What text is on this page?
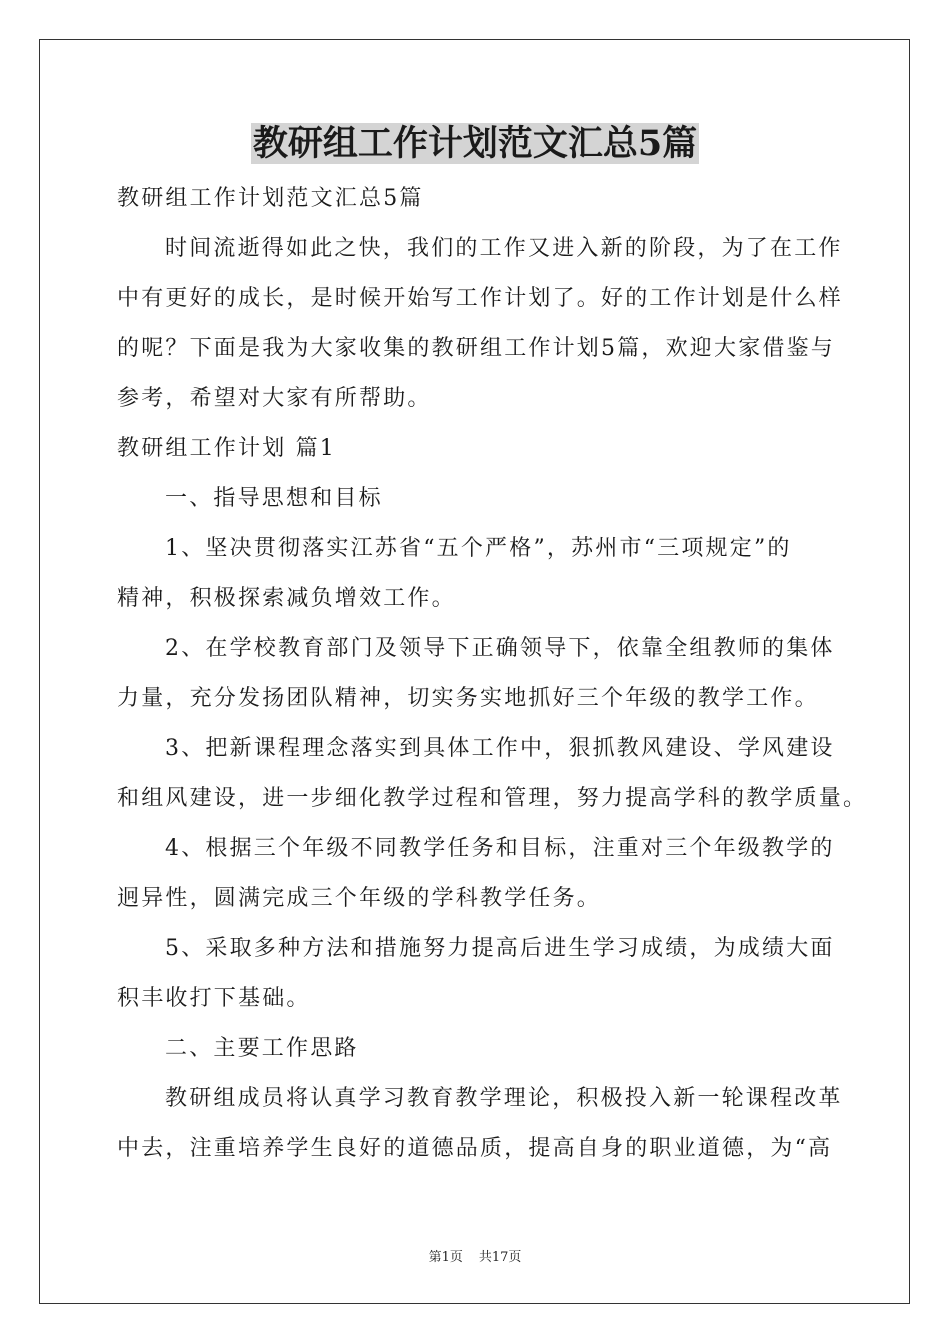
教研组工作计划范文汇总5篇
教研组工作计划范文汇总5篇
时间流逝得如此之快，我们的工作又进入新的阶段，为了在工作
中有更好的成长，是时候开始写工作计划了。好的工作计划是什么样
的呢？下面是我为大家收集的教研组工作计划5篇，欢迎大家借鉴与
参考，希望对大家有所帮助。
教研组工作计划 篇1
一、指导思想和目标
1、坚决贯彻落实江苏省“五个严格”，苏州市“三项规定”的
精神，积极探索减负增效工作。
2、在学校教育部门及领导下正确领导下，依靠全组教师的集体
力量，充分发扬团队精神，切实务实地抓好三个年级的教学工作。
3、把新课程理念落实到具体工作中，狠抓教风建设、学风建设
和组风建设，进一步细化教学过程和管理，努力提高学科的教学质量。
4、根据三个年级不同教学任务和目标，注重对三个年级教学的
迥异性，圆满完成三个年级的学科教学任务。
5、采取多种方法和措施努力提高后进生学习成绩，为成绩大面
积丰收打下基础。
二、主要工作思路
教研组成员将认真学习教育教学理论，积极投入新一轮课程改革
中去，注重培养学生良好的道德品质，提高自身的职业道德，为“高
第1页 共17页
